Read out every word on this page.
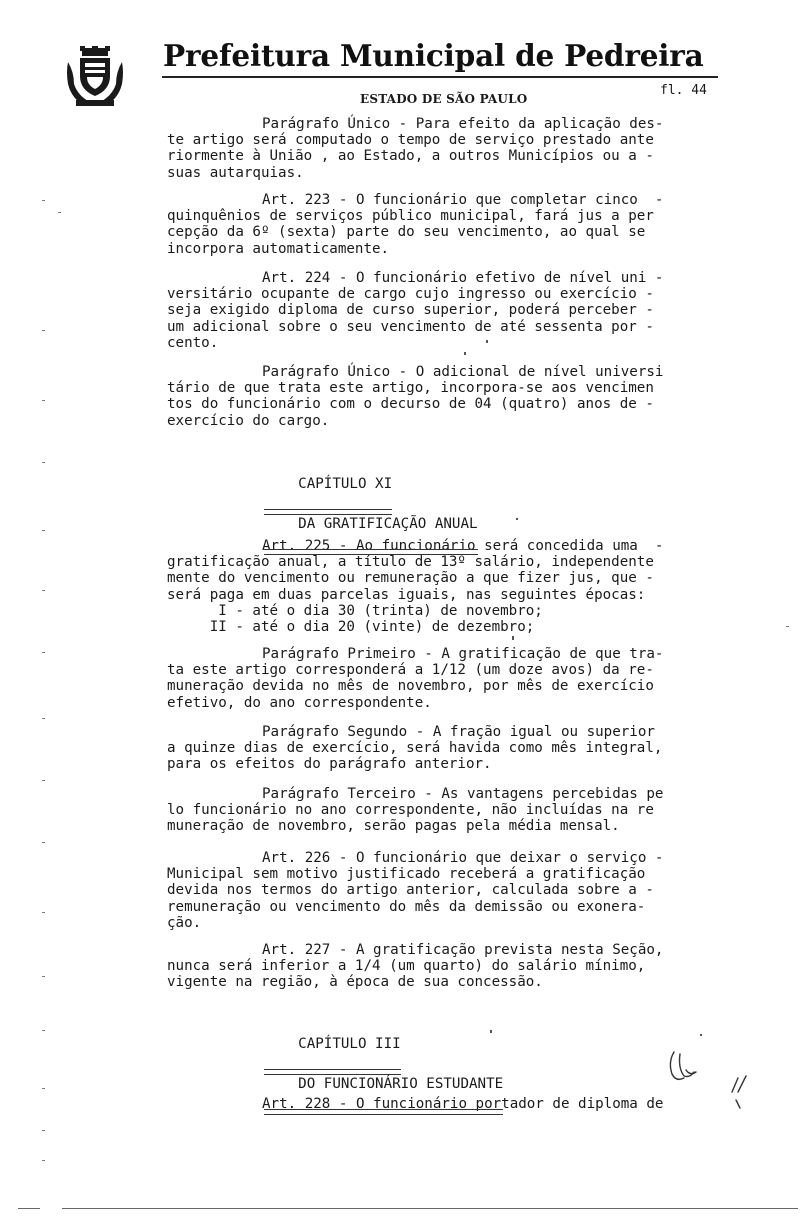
Prefeitura Municipal de Pedreira

ESTADO DE SÃO PAULO

fl. 44

Parágrafo Único - Para efeito da aplicação des-
te artigo será computado o tempo de serviço prestado ante
riormente à União , ao Estado, a outros Municípios ou a -
suas autarquias.
Art. 223 - O funcionário que completar cinco  -
quinquênios de serviços público municipal, fará jus a per
cepção da 6º (sexta) parte do seu vencimento, ao qual se
incorpora automaticamente.
Art. 224 - O funcionário efetivo de nível uni -
versitário ocupante de cargo cujo ingresso ou exercício -
seja exigido diploma de curso superior, poderá perceber -
um adicional sobre o seu vencimento de até sessenta por -
cento.
Parágrafo Único - O adicional de nível universi
tário de que trata este artigo, incorpora-se aos vencimen
tos do funcionário com o decurso de 04 (quatro) anos de -
exercício do cargo.
Art. 225 - Ao funcionário será concedida uma  -
gratificação anual, a título de 13º salário, independente
mente do vencimento ou remuneração a que fizer jus, que -
será paga em duas parcelas iguais, nas seguintes épocas:
I - até o dia 30 (trinta) de novembro;
II - até o dia 20 (vinte) de dezembro;
Parágrafo Primeiro - A gratificação de que tra-
ta este artigo corresponderá a 1/12 (um doze avos) da re-
muneração devida no mês de novembro, por mês de exercício
efetivo, do ano correspondente.
Parágrafo Segundo - A fração igual ou superior
a quinze dias de exercício, será havida como mês integral,
para os efeitos do parágrafo anterior.
Parágrafo Terceiro - As vantagens percebidas pe
lo funcionário no ano correspondente, não incluídas na re
muneração de novembro, serão pagas pela média mensal.
Art. 226 - O funcionário que deixar o serviço -
Municipal sem motivo justificado receberá a gratificação
devida nos termos do artigo anterior, calculada sobre a -
remuneração ou vencimento do mês da demissão ou exonera-
ção.
Art. 227 - A gratificação prevista nesta Seção,
nunca será inferior a 1/4 (um quarto) do salário mínimo,
vigente na região, à época de sua concessão.
Art. 228 - O funcionário portador de diploma de

CAPÍTULO XI

DA GRATIFICAÇÃO ANUAL

CAPÍTULO III

DO FUNCIONÁRIO ESTUDANTE
